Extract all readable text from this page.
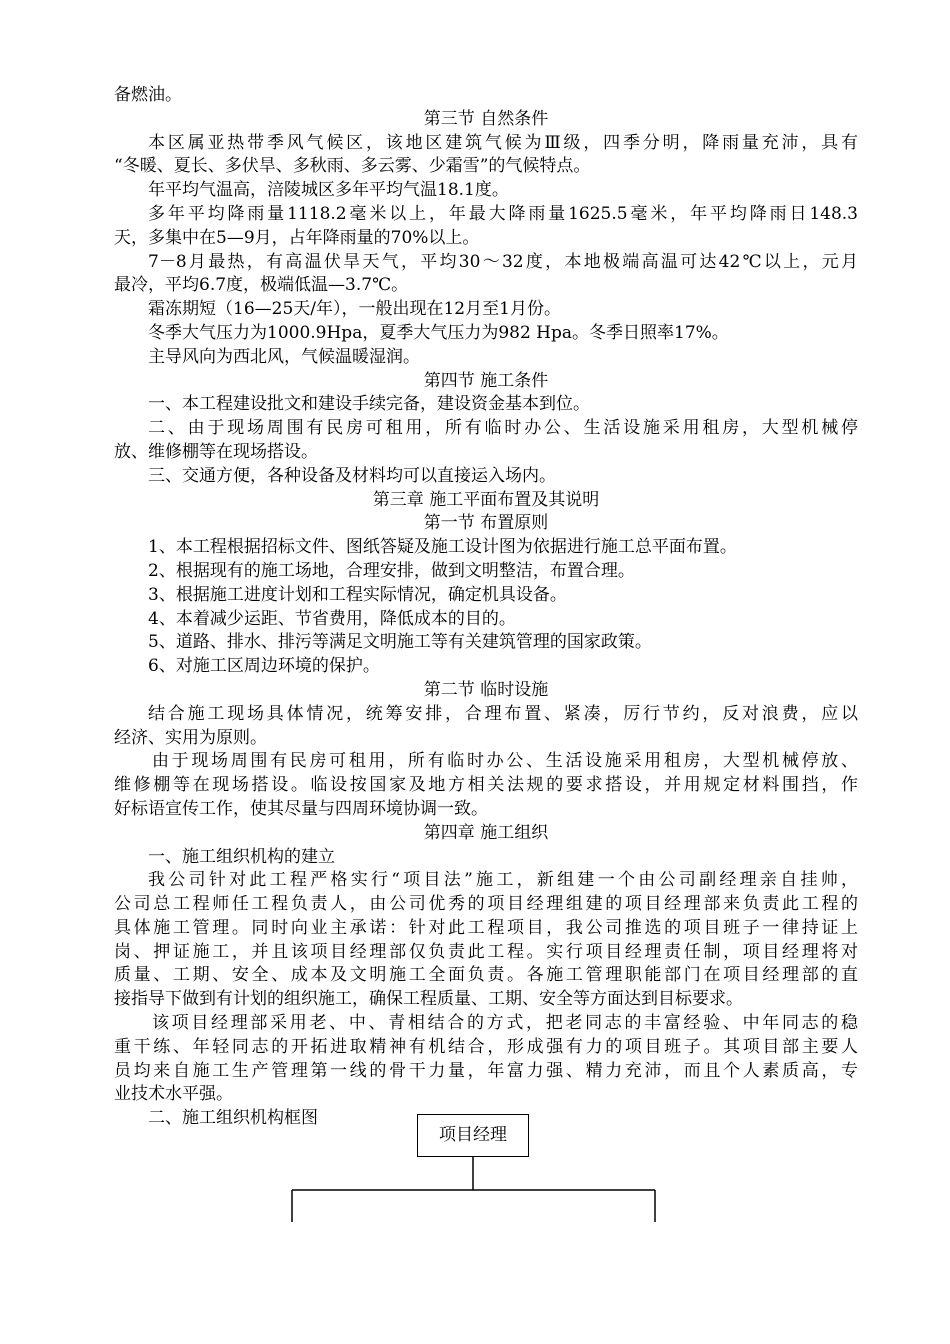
备燃油。
第三节 自然条件
本区属亚热带季风气候区，该地区建筑气候为Ⅲ级，四季分明，降雨量充沛，具有
“冬暖、夏长、多伏旱、多秋雨、多云雾、少霜雪”的气候特点。
年平均气温高，涪陵城区多年平均气温18.1度。
多年平均降雨量1118.2毫米以上，年最大降雨量1625.5毫米，年平均降雨日148.3
天，多集中在5—9月，占年降雨量的70%以上。
7－8月最热，有高温伏旱天气，平均30～32度，本地极端高温可达42℃以上，元月
最冷，平均6.7度，极端低温—3.7℃。
霜冻期短（16—25天/年），一般出现在12月至1月份。
冬季大气压力为1000.9Hpa，夏季大气压力为982 Hpa。冬季日照率17%。
主导风向为西北风，气候温暖湿润。
第四节 施工条件
一、本工程建设批文和建设手续完备，建设资金基本到位。
二、由于现场周围有民房可租用，所有临时办公、生活设施采用租房，大型机械停
放、维修棚等在现场搭设。
三、交通方便，各种设备及材料均可以直接运入场内。
第三章 施工平面布置及其说明
第一节 布置原则
1、本工程根据招标文件、图纸答疑及施工设计图为依据进行施工总平面布置。
2、根据现有的施工场地，合理安排，做到文明整洁，布置合理。
3、根据施工进度计划和工程实际情况，确定机具设备。
4、本着减少运距、节省费用，降低成本的目的。
5、道路、排水、排污等满足文明施工等有关建筑管理的国家政策。
6、对施工区周边环境的保护。
第二节 临时设施
结合施工现场具体情况，统筹安排，合理布置、紧凑，厉行节约，反对浪费，应以
经济、实用为原则。
由于现场周围有民房可租用，所有临时办公、生活设施采用租房，大型机械停放、
维修棚等在现场搭设。临设按国家及地方相关法规的要求搭设，并用规定材料围挡，作
好标语宣传工作，使其尽量与四周环境协调一致。
第四章 施工组织
一、施工组织机构的建立
我公司针对此工程严格实行“项目法”施工，新组建一个由公司副经理亲自挂帅，
公司总工程师任工程负责人，由公司优秀的项目经理组建的项目经理部来负责此工程的
具体施工管理。同时向业主承诺：针对此工程项目，我公司推选的项目班子一律持证上
岗、押证施工，并且该项目经理部仅负责此工程。实行项目经理责任制，项目经理将对
质量、工期、安全、成本及文明施工全面负责。各施工管理职能部门在项目经理部的直
接指导下做到有计划的组织施工，确保工程质量、工期、安全等方面达到目标要求。
该项目经理部采用老、中、青相结合的方式，把老同志的丰富经验、中年同志的稳
重干练、年轻同志的开拓进取精神有机结合，形成强有力的项目班子。其项目部主要人
员均来自施工生产管理第一线的骨干力量，年富力强、精力充沛，而且个人素质高，专
业技术水平强。
二、施工组织机构框图
项目经理
